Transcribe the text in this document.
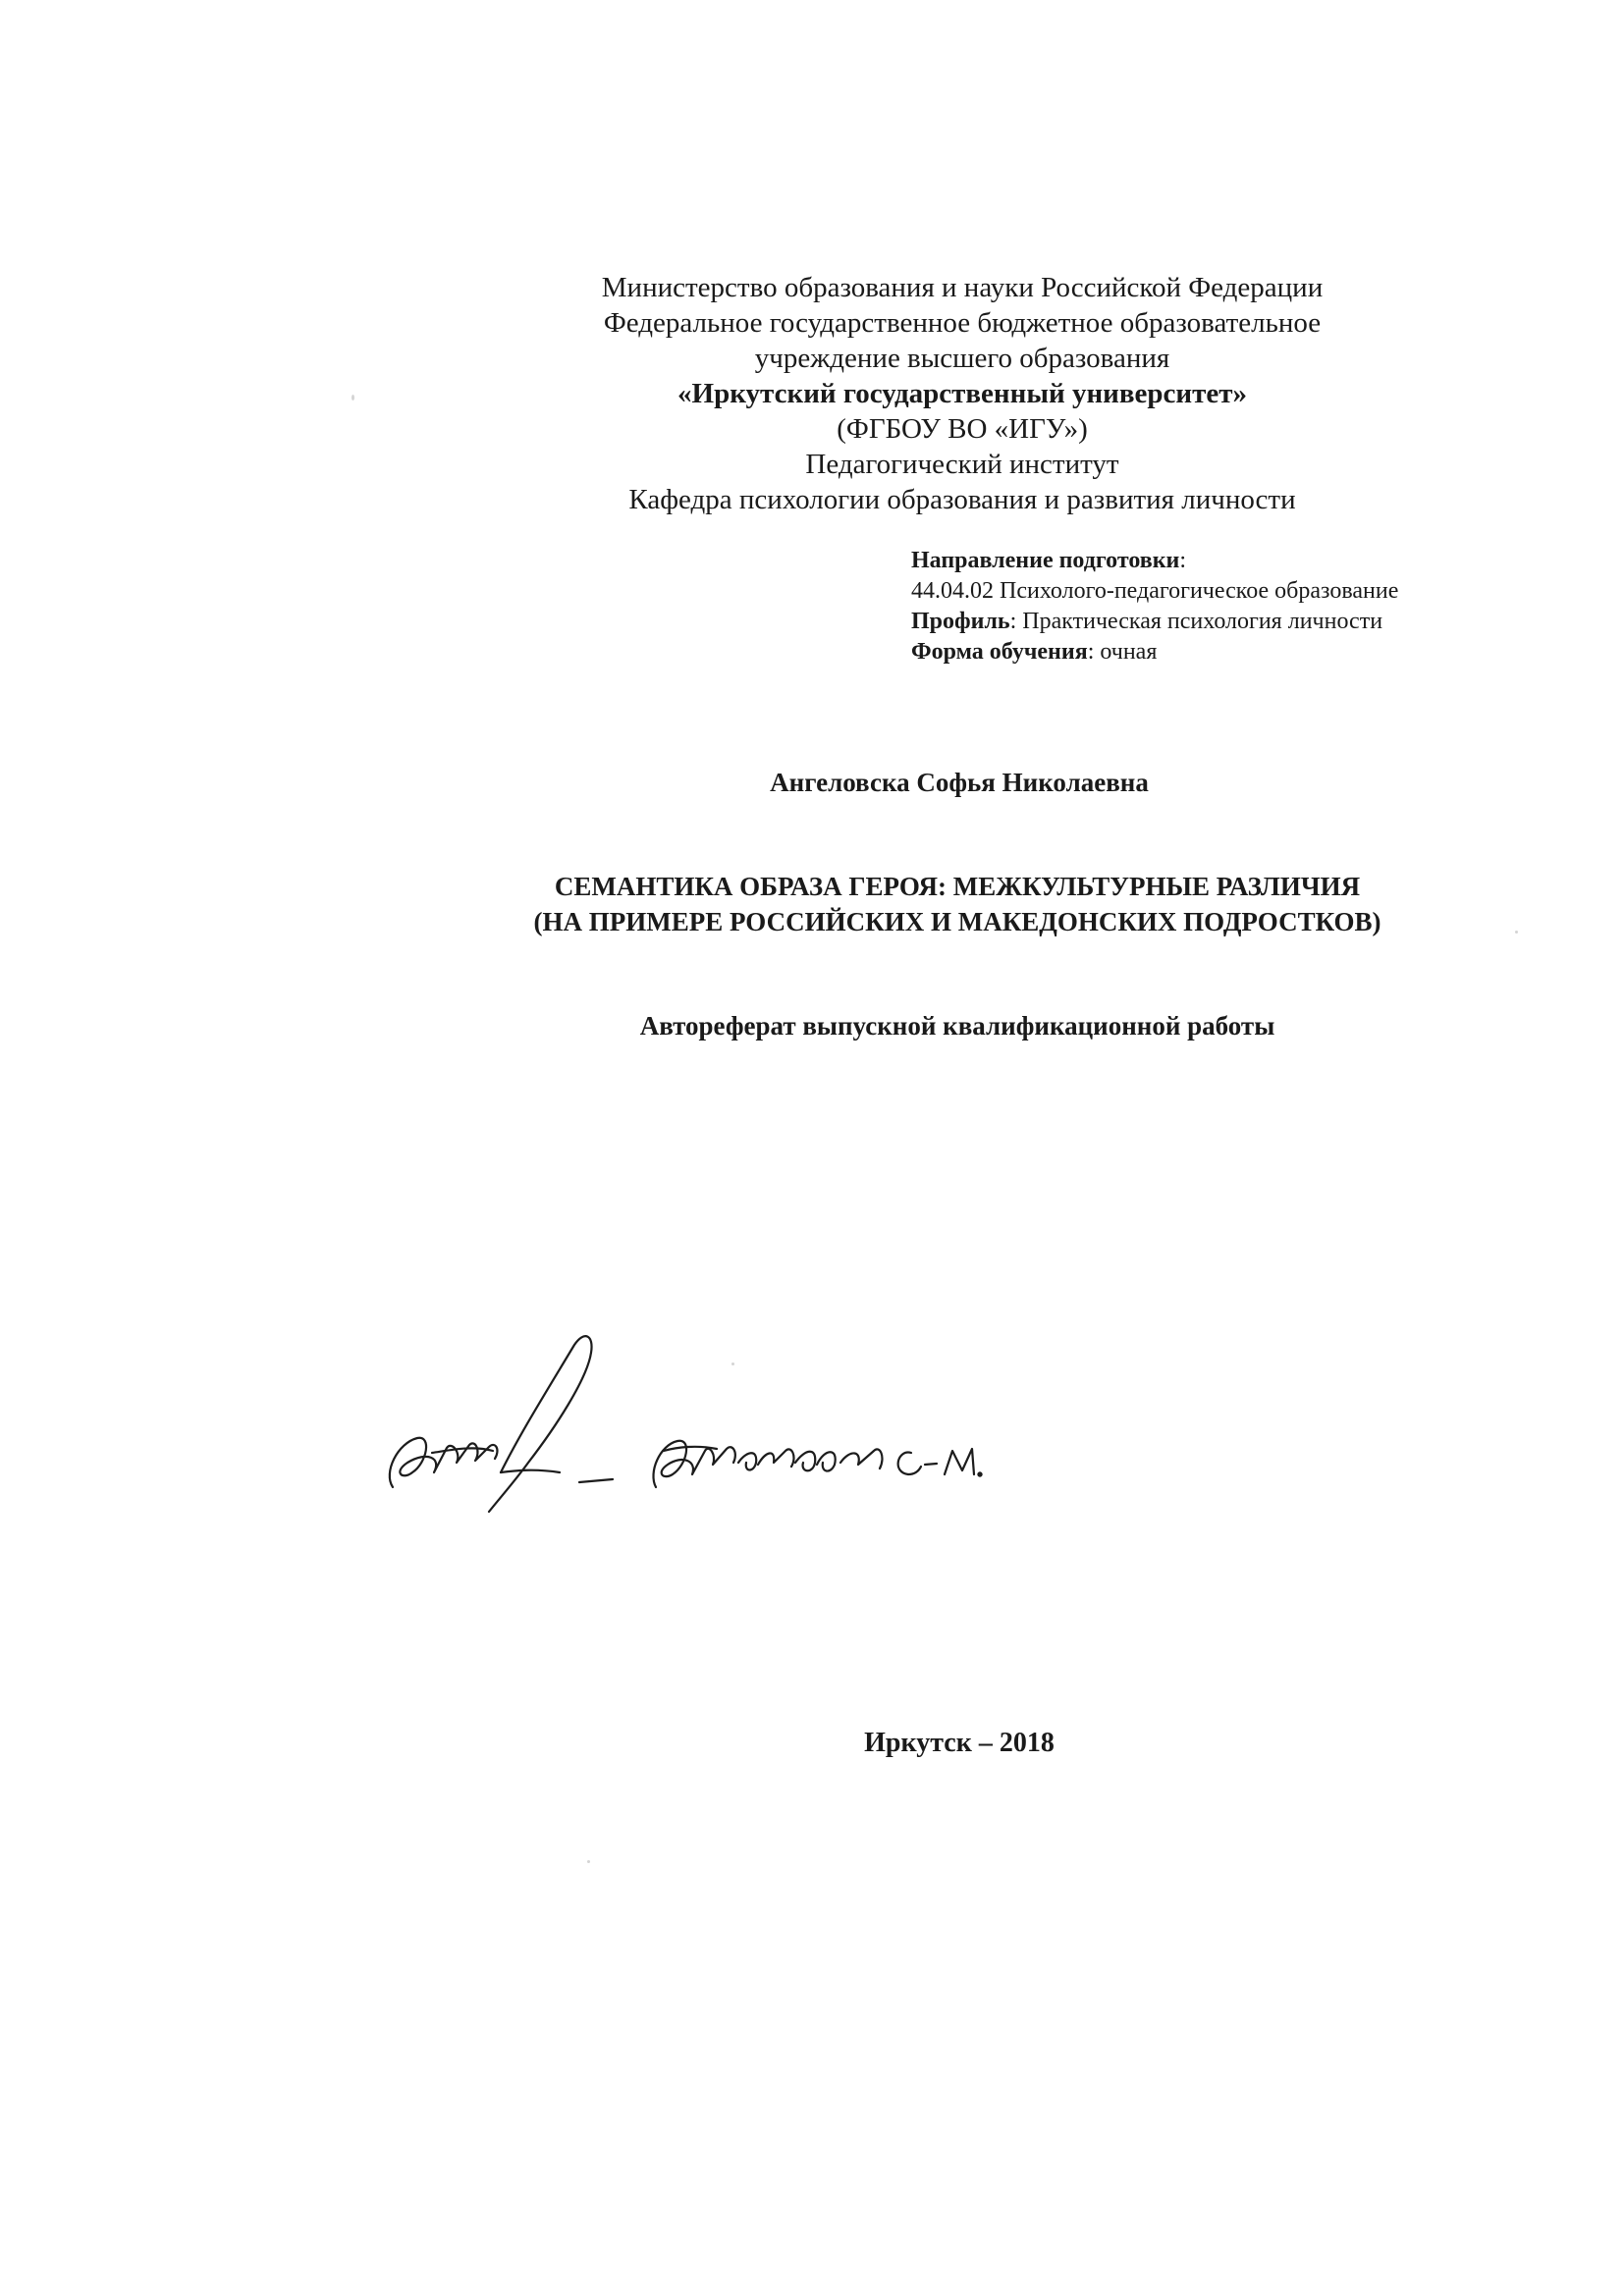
Министерство образования и науки Российской Федерации
Федеральное государственное бюджетное образовательное
учреждение высшего образования
«Иркутский государственный университет»
(ФГБОУ ВО «ИГУ»)
Педагогический институт
Кафедра психологии образования и развития личности
Направление подготовки:
44.04.02 Психолого-педагогическое образование
Профиль: Практическая психология личности
Форма обучения: очная
Ангеловска Софья Николаевна
СЕМАНТИКА ОБРАЗА ГЕРОЯ: МЕЖКУЛЬТУРНЫЕ РАЗЛИЧИЯ
(НА ПРИМЕРЕ РОССИЙСКИХ И МАКЕДОНСКИХ ПОДРОСТКОВ)
Автореферат выпускной квалификационной работы
Иркутск – 2018
